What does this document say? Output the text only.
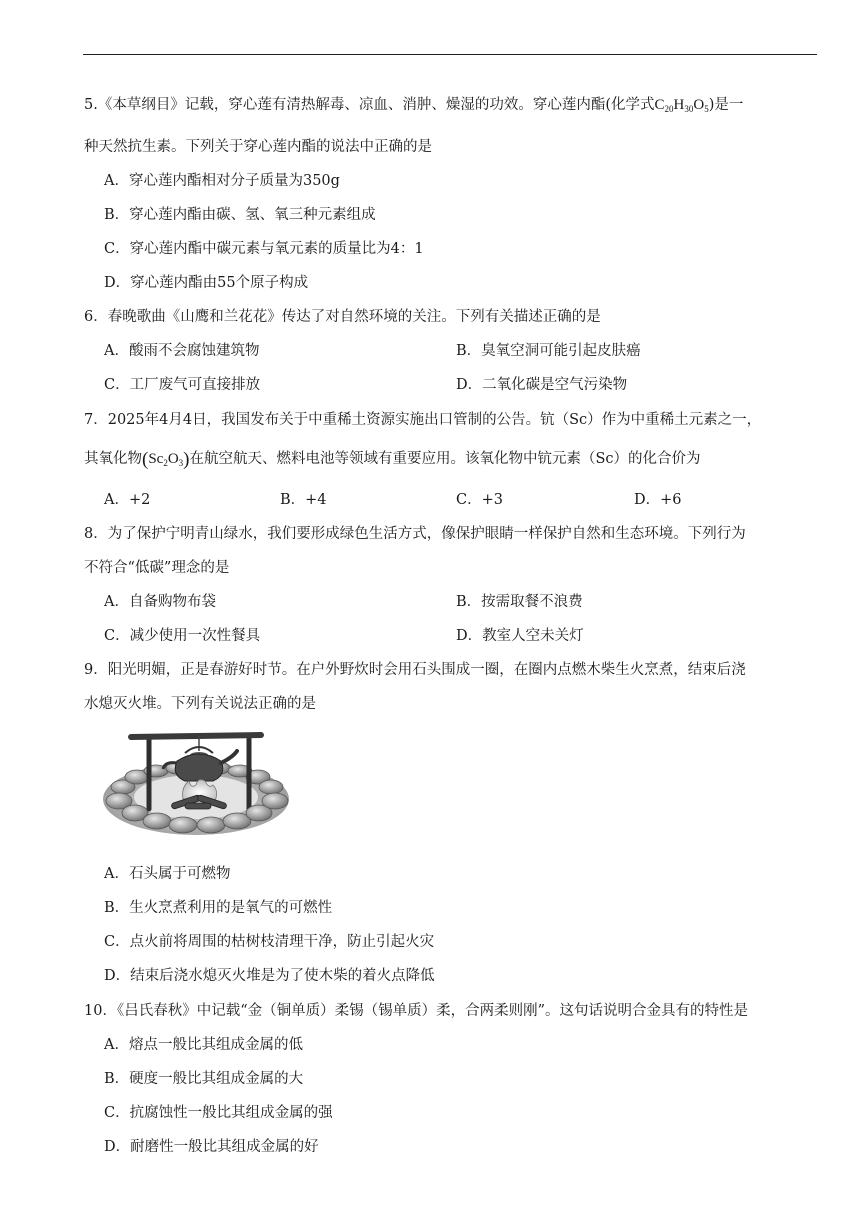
5.《本草纲目》记载，穿心莲有清热解毒、凉血、消肿、燥湿的功效。穿心莲内酯(化学式$C_{20}H_{30}O_5$)是一
种天然抗生素。下列关于穿心莲内酯的说法中正确的是
A．穿心莲内酯相对分子质量为350g
B．穿心莲内酯由碳、氢、氧三种元素组成
C．穿心莲内酯中碳元素与氧元素的质量比为4：1
D．穿心莲内酯由55个原子构成
6．春晚歌曲《山鹰和兰花花》传达了对自然环境的关注。下列有关描述正确的是
A．酸雨不会腐蚀建筑物	B．臭氧空洞可能引起皮肤癌
C．工厂废气可直接排放	D．二氧化碳是空气污染物
7．2025年4月4日，我国发布关于中重稀土资源实施出口管制的公告。钪（Sc）作为中重稀土元素之一，
其氧化物$(Sc_2O_3)$在航空航天、燃料电池等领域有重要应用。该氧化物中钪元素（Sc）的化合价为
A．+2	B．+4	C．+3	D．+6
8．为了保护宁明青山绿水，我们要形成绿色生活方式，像保护眼睛一样保护自然和生态环境。下列行为
不符合“低碳”理念的是
A．自备购物布袋	B．按需取餐不浪费
C．减少使用一次性餐具	D．教室人空未关灯
9．阳光明媚，正是春游好时节。在户外野炊时会用石头围成一圈，在圈内点燃木柴生火烹煮，结束后浇
水熄灭火堆。下列有关说法正确的是
A．石头属于可燃物
B．生火烹煮利用的是氧气的可燃性
C．点火前将周围的枯树枝清理干净，防止引起火灾
D．结束后浇水熄灭火堆是为了使木柴的着火点降低
10．《吕氏春秋》中记载“金（铜单质）柔锡（锡单质）柔，合两柔则刚”。这句话说明合金具有的特性是
A．熔点一般比其组成金属的低
B．硬度一般比其组成金属的大
C．抗腐蚀性一般比其组成金属的强
D．耐磨性一般比其组成金属的好
